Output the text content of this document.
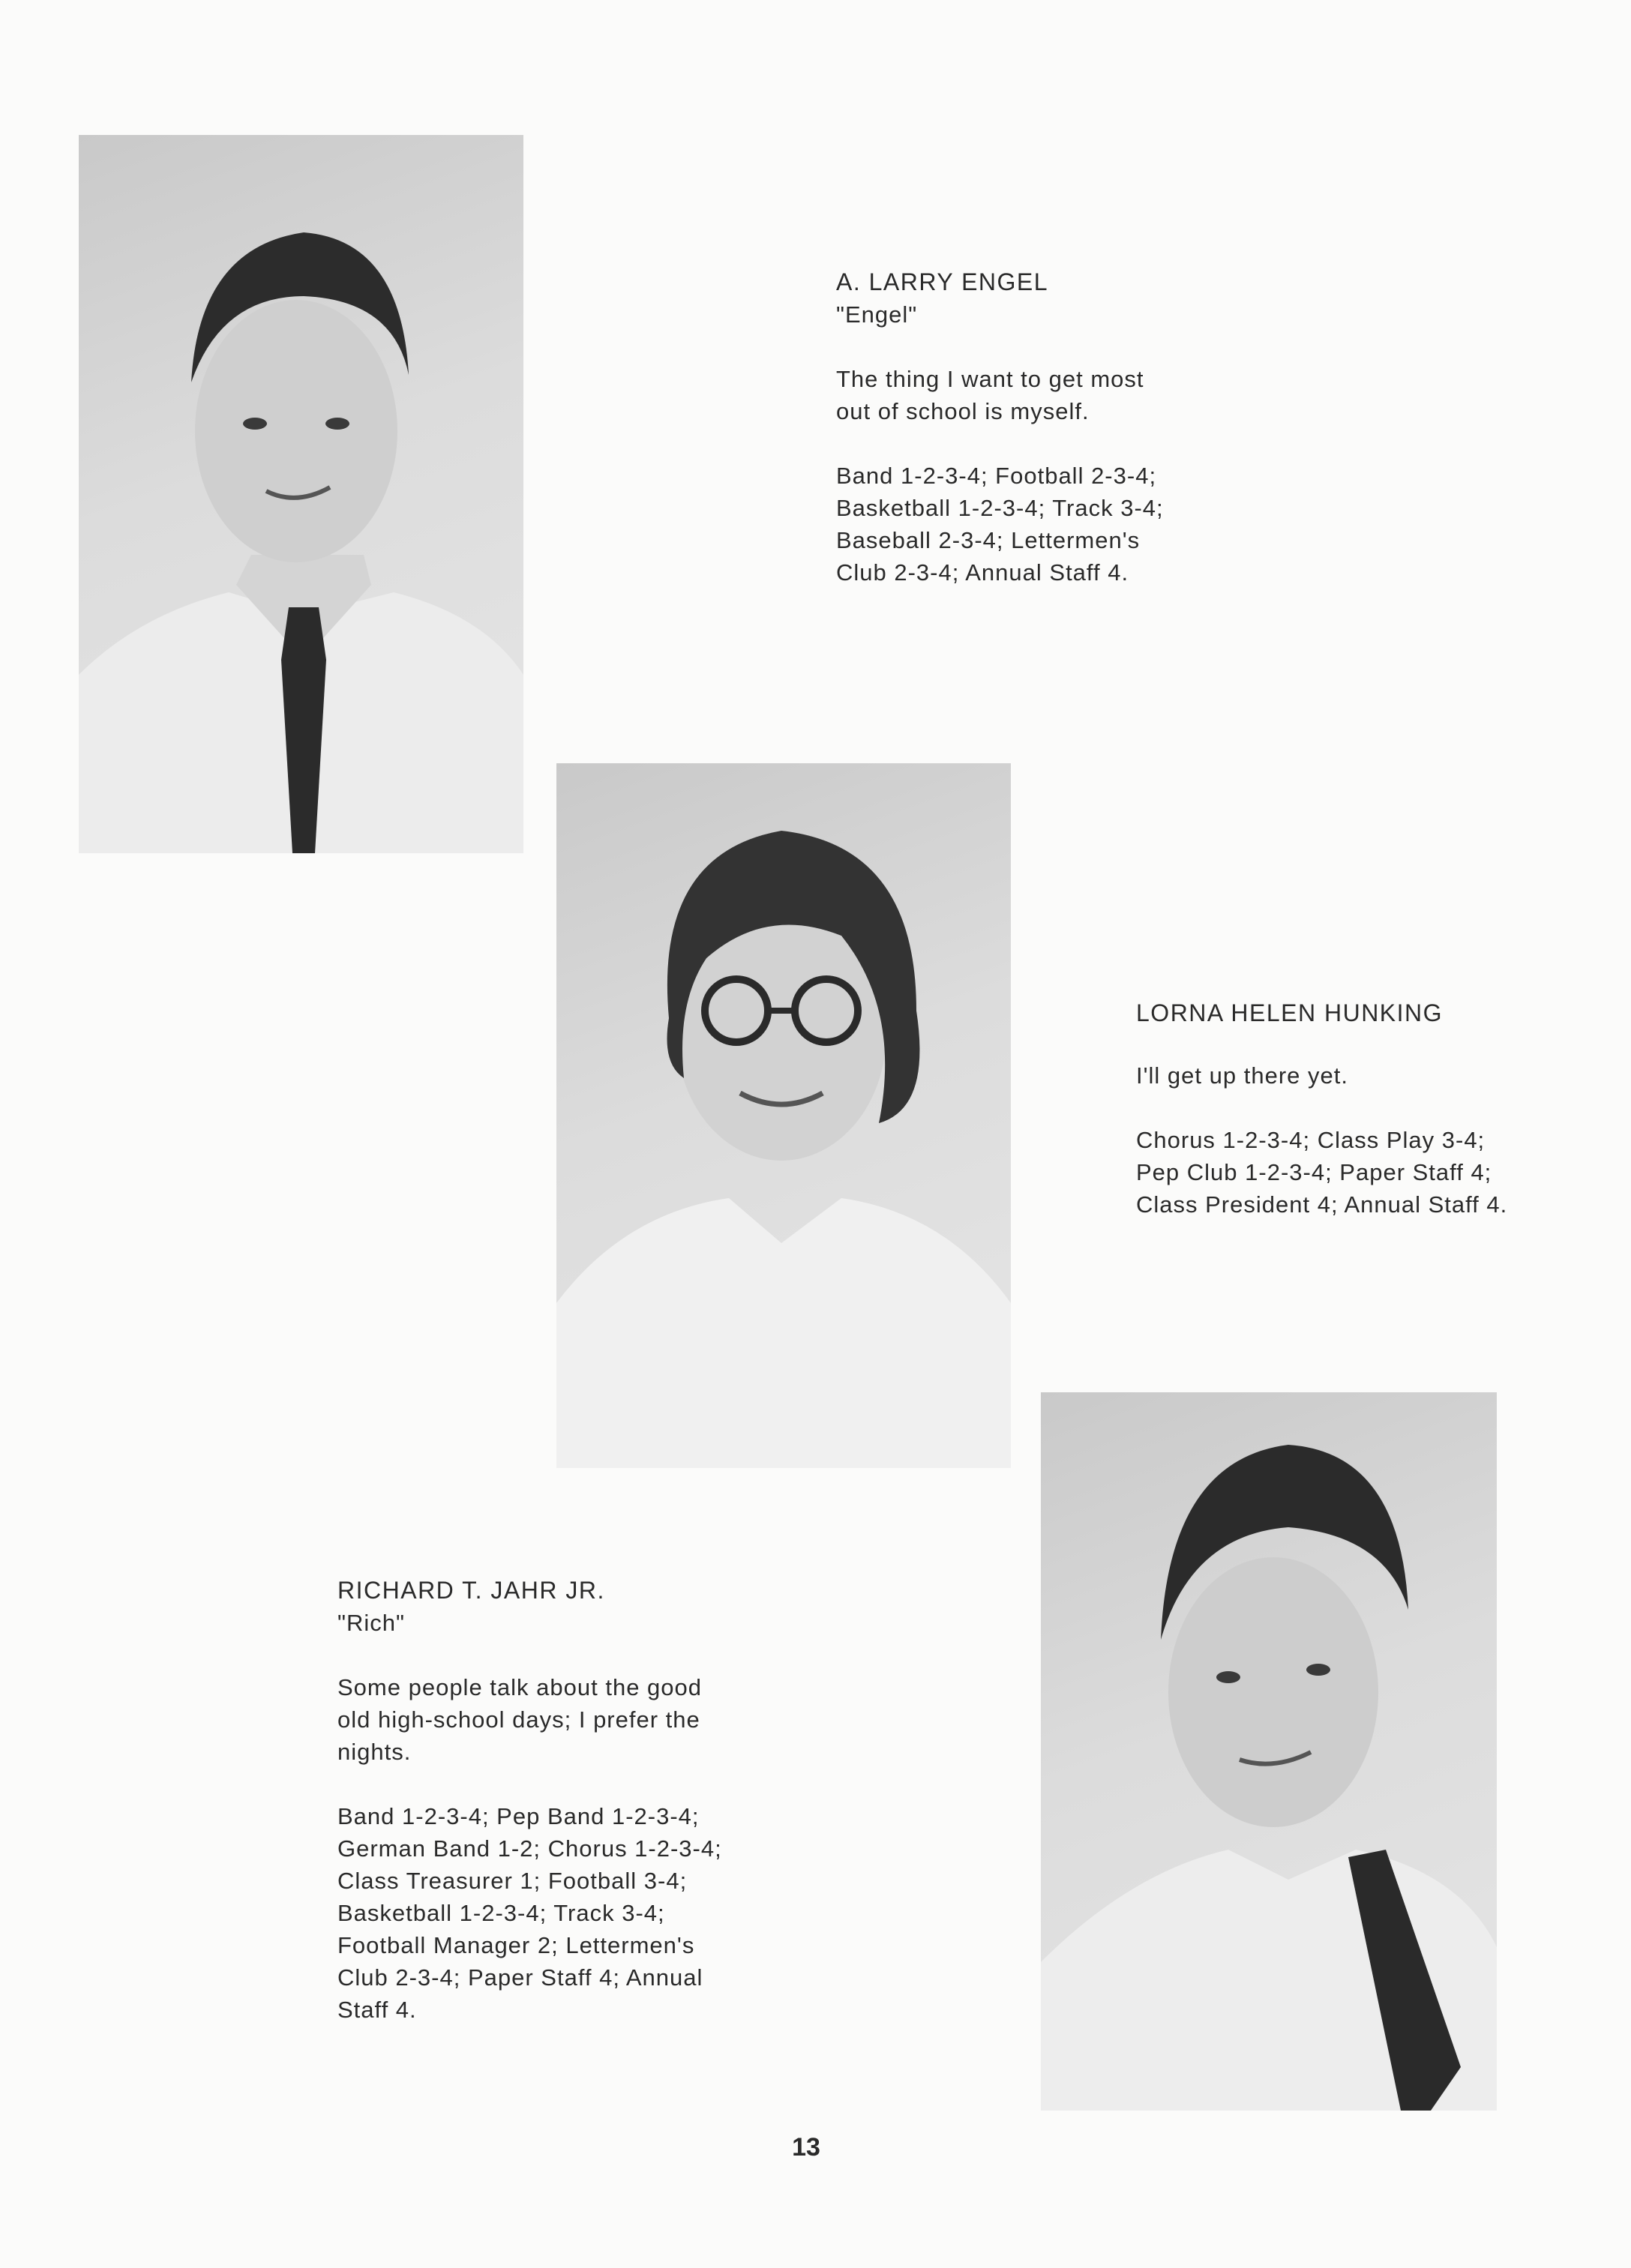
A. LARRY ENGEL

"Engel"

The thing I want to get most
out of school is myself.

Band 1-2-3-4; Football 2-3-4;
Basketball 1-2-3-4; Track 3-4;
Baseball 2-3-4; Lettermen's
Club 2-3-4; Annual Staff 4.

LORNA HELEN HUNKING

I'll get up there yet.

Chorus 1-2-3-4; Class Play 3-4;
Pep Club 1-2-3-4; Paper Staff 4;
Class President 4; Annual Staff 4.

RICHARD T. JAHR JR.

"Rich"

Some people talk about the good
old high-school days; I prefer the
nights.

Band 1-2-3-4; Pep Band 1-2-3-4;
German Band 1-2; Chorus 1-2-3-4;
Class Treasurer 1; Football 3-4;
Basketball 1-2-3-4; Track 3-4;
Football Manager 2; Lettermen's
Club 2-3-4; Paper Staff 4; Annual
Staff 4.

13
